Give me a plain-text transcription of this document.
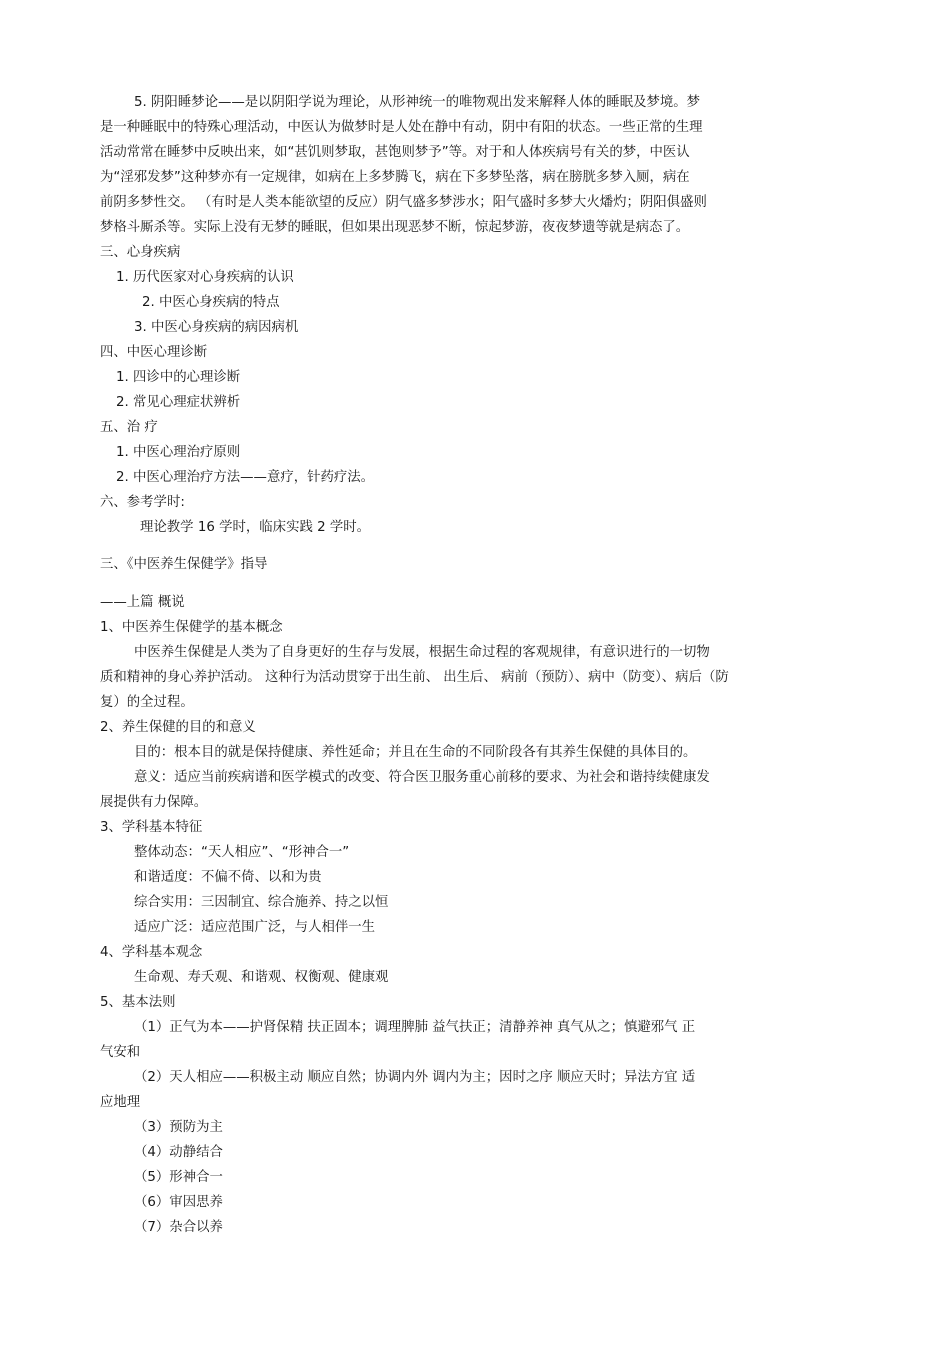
5. 阴阳睡梦论——是以阴阳学说为理论，从形神统一的唯物观出发来解释人体的睡眠及梦境。梦
是一种睡眠中的特殊心理活动，中医认为做梦时是人处在静中有动，阴中有阳的状态。一些正常的生理
活动常常在睡梦中反映出来，如“甚饥则梦取，甚饱则梦予”等。对于和人体疾病号有关的梦，中医认
为“淫邪发梦”这种梦亦有一定规律，如病在上多梦腾飞，病在下多梦坠落，病在膀胱多梦入厕，病在
前阴多梦性交。 （有时是人类本能欲望的反应）阴气盛多梦涉水；阳气盛时多梦大火燔灼；阴阳俱盛则
梦格斗厮杀等。实际上没有无梦的睡眠，但如果出现恶梦不断，惊起梦游，夜夜梦遗等就是病态了。
三、心身疾病
1. 历代医家对心身疾病的认识
2. 中医心身疾病的特点
3. 中医心身疾病的病因病机
四、中医心理诊断
1. 四诊中的心理诊断
2. 常见心理症状辨析
五、治 疗
1. 中医心理治疗原则
2. 中医心理治疗方法——意疗，针药疗法。
六、参考学时:
理论教学 16 学时，临床实践 2 学时。
三、《中医养生保健学》指导
——上篇 概说
1、中医养生保健学的基本概念
中医养生保健是人类为了自身更好的生存与发展，根据生命过程的客观规律，有意识进行的一切物
质和精神的身心养护活动。 这种行为活动贯穿于出生前、 出生后、 病前（预防）、病中（防变）、病后（防
复）的全过程。
2、养生保健的目的和意义
目的：根本目的就是保持健康、养性延命；并且在生命的不同阶段各有其养生保健的具体目的。
意义：适应当前疾病谱和医学模式的改变、符合医卫服务重心前移的要求、为社会和谐持续健康发
展提供有力保障。
3、学科基本特征
整体动态：“天人相应”、“形神合一”
和谐适度：不偏不倚、以和为贵
综合实用：三因制宜、综合施养、持之以恒
适应广泛：适应范围广泛，与人相伴一生
4、学科基本观念
生命观、寿夭观、和谐观、权衡观、健康观
5、基本法则
（1）正气为本——护肾保精 扶正固本；调理脾肺 益气扶正；清静养神 真气从之；慎避邪气 正
气安和
（2）天人相应——积极主动 顺应自然；协调内外 调内为主；因时之序 顺应天时；异法方宜 适
应地理
（3）预防为主
（4）动静结合
（5）形神合一
（6）审因思养
（7）杂合以养
